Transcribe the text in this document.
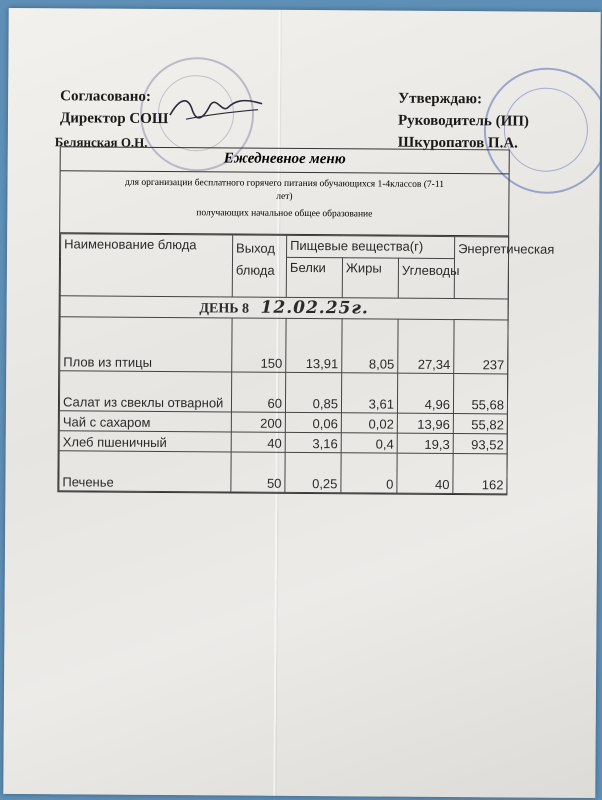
Согласовано:
Директор СОШ
Белянская О.Н.
Утверждаю:
Руководитель (ИП)
Шкуропатов П.А.
Ежедневное меню
для организации бесплатного горячего питания обучающихся 1-4классов (7-11
лет)
получающих начальное общее образование
Наименование блюда	Выход блюда	Пищевые вещества(г)			Энергетическая
		Белки	Жиры	Углеводы	
ДЕНЬ 8 12.02.25г.					
Плов из птицы	150	13,91	8,05	27,34	237
Салат из свеклы отварной	60	0,85	3,61	4,96	55,68
Чай с сахаром	200	0,06	0,02	13,96	55,82
Хлеб пшеничный	40	3,16	0,4	19,3	93,52
Печенье	50	0,25	0	40	162
